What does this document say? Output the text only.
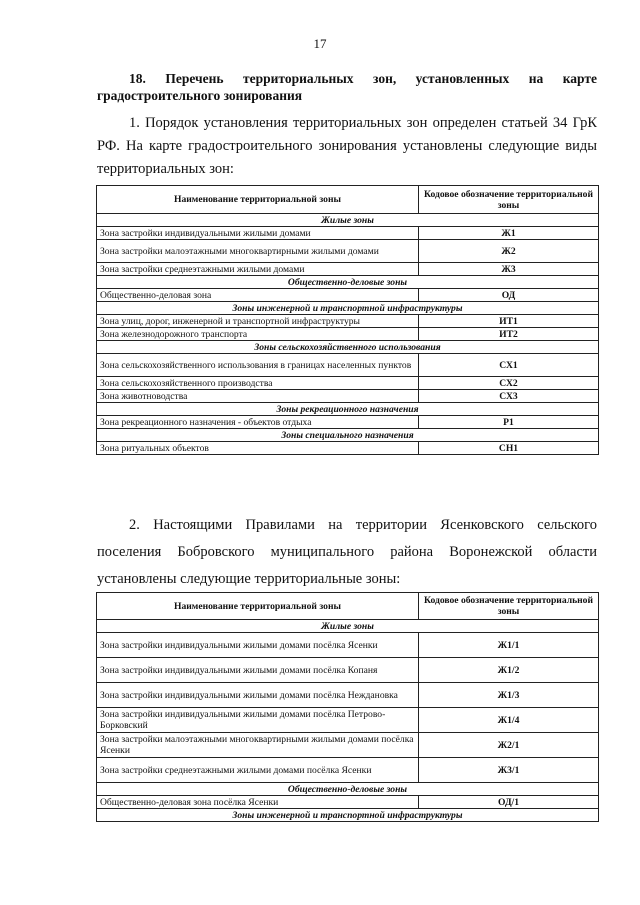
17
18. Перечень территориальных зон, установленных на карте градостроительного зонирования
1. Порядок установления территориальных зон определен статьей 34 ГрК РФ. На карте градостроительного зонирования установлены следующие виды территориальных зон:
Наименование территориальной зоны	Кодовое обозначение территориальной зоны
Жилые зоны	
Зона застройки индивидуальными жилыми домами	Ж1
Зона застройки малоэтажными многоквартирными жилыми домами	Ж2
Зона застройки среднеэтажными жилыми домами	Ж3
Общественно-деловые зоны	
Общественно-деловая зона	ОД
Зоны инженерной и транспортной инфраструктуры	
Зона улиц, дорог, инженерной и транспортной инфраструктуры	ИТ1
Зона железнодорожного транспорта	ИТ2
Зоны сельскохозяйственного использования	
Зона сельскохозяйственного использования в границах населенных пунктов	СХ1
Зона сельскохозяйственного производства	СХ2
Зона животноводства	СХ3
Зоны рекреационного назначения	
Зона рекреационного назначения - объектов отдыха	Р1
Зоны специального назначения	
Зона ритуальных объектов	СН1
2. Настоящими Правилами на территории Ясенковского сельского поселения Бобровского муниципального района Воронежской области установлены следующие территориальные зоны:
Наименование территориальной зоны	Кодовое обозначение территориальной зоны
Жилые зоны	
Зона застройки индивидуальными жилыми домами посёлка Ясенки	Ж1/1
Зона застройки индивидуальными жилыми домами посёлка Копаня	Ж1/2
Зона застройки индивидуальными жилыми домами посёлка Неждановка	Ж1/3
Зона застройки индивидуальными жилыми домами посёлка Петрово-Борковский	Ж1/4
Зона застройки малоэтажными многоквартирными жилыми домами посёлка Ясенки	Ж2/1
Зона застройки среднеэтажными жилыми домами посёлка Ясенки	Ж3/1
Общественно-деловые зоны	
Общественно-деловая зона посёлка Ясенки	ОД/1
Зоны инженерной и транспортной инфраструктуры	
